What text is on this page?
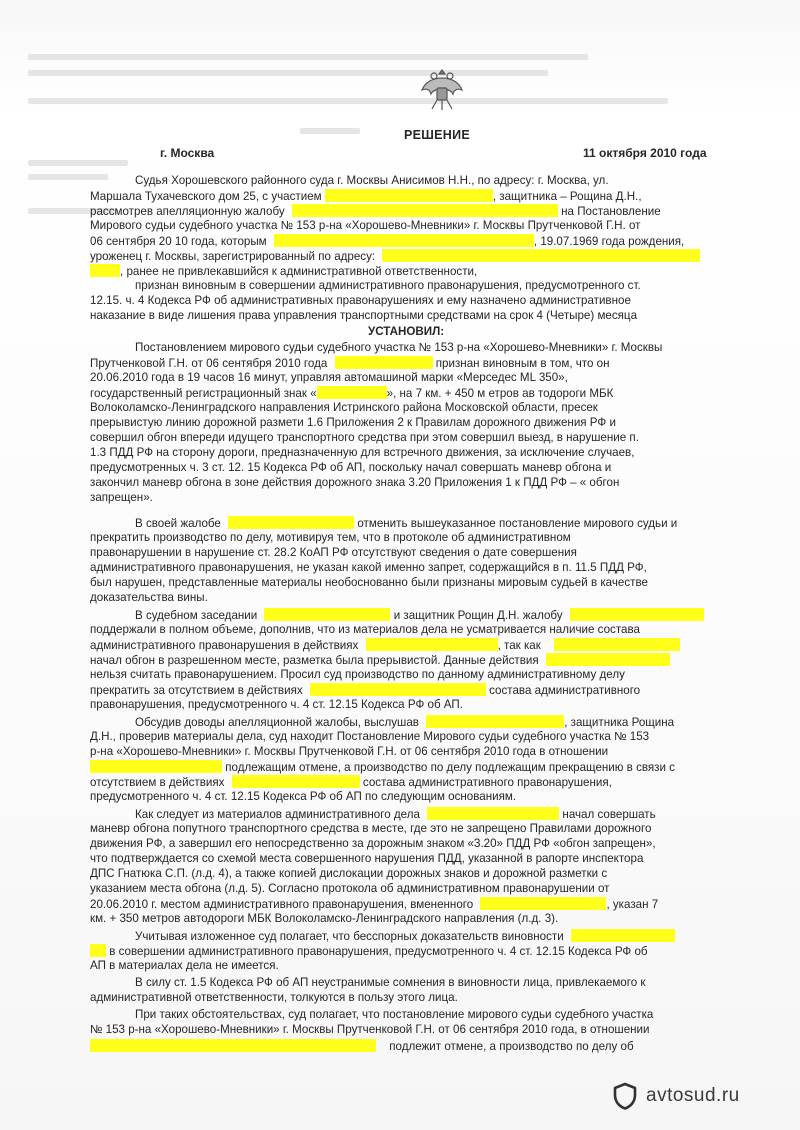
РЕШЕНИЕ
г. Москва	11 октября 2010 года
Судья Хорошевского районного суда г. Москвы Анисимов Н.Н., по адресу: г. Москва, ул.
Маршала Тухачевского дом 25, с участием	, защитника – Рощина Д.Н.,
рассмотрев апелляционную жалобу	на Постановление
Мирового судьи судебного участка № 153 р-на «Хорошево-Мневники» г. Москвы Прутченковой Г.Н. от
06 сентября 20 10 года, которым	, 19.07.1969 года рождения,
уроженец г. Москвы, зарегистрированный по адресу:
, ранее не привлекавшийся к административной ответственности,
признан виновным в совершении административного правонарушения, предусмотренного ст.
12.15. ч. 4 Кодекса РФ об административных правонарушениях и ему назначено административное
наказание в виде лишения права управления транспортными средствами на срок 4 (Четыре) месяца
УСТАНОВИЛ:
Постановлением мирового судьи судебного участка № 153 р-на «Хорошево-Мневники» г. Москвы
Прутченковой Г.Н. от 06 сентября 2010 года	признан виновным в том, что он
20.06.2010 года в 19 часов 16 минут, управляя автомашиной марки «Мерседес ML 350»,
государственный регистрационный знак «	», на 7 км. + 450 м етров ав тодороги МБК
Волоколамско-Ленинградского направления Истринского района Московской области, пресек
прерывистую линию дорожной размети 1.6 Приложения 2 к Правилам дорожного движения РФ и
совершил обгон впереди идущего транспортного средства при этом совершил выезд, в нарушение п.
1.3 ПДД РФ на сторону дороги, предназначенную для встречного движения, за исключение случаев,
предусмотренных ч. 3 ст. 12. 15 Кодекса РФ об АП, поскольку начал совершать маневр обгона и
закончил маневр обгона в зоне действия дорожного знака 3.20 Приложения 1 к ПДД РФ – « обгон
запрещен».
В своей жалобе	отменить вышеуказанное постановление мирового судьи и
прекратить производство по делу, мотивируя тем, что в протоколе об административном
правонарушении в нарушение ст. 28.2 КоАП РФ отсутствуют сведения о дате совершения
административного правонарушения, не указан какой именно запрет, содержащийся в п. 11.5 ПДД РФ,
был нарушен, представленные материалы необоснованно были признаны мировым судьей в качестве
доказательства вины.
В судебном заседании	и защитник Рощин Д.Н. жалобу
поддержали в полном объеме, дополнив, что из материалов дела не усматривается наличие состава
административного правонарушения в действиях	, так как
начал обгон в разрешенном месте, разметка была прерывистой. Данные действия
нельзя считать правонарушением. Просил суд производство по данному административному делу
прекратить за отсутствием в действиях	состава административного
правонарушения, предусмотренного ч. 4 ст. 12.15 Кодекса РФ об АП.
Обсудив доводы апелляционной жалобы, выслушав	, защитника Рощина
Д.Н., проверив материалы дела, суд находит Постановление Мирового судьи судебного участка № 153
р-на «Хорошево-Мневники» г. Москвы Прутченковой Г.Н. от 06 сентября 2010 года в отношении
подлежащим отмене, а производство по делу подлежащим прекращению в связи с
отсутствием в действиях	состава административного правонарушения,
предусмотренного ч. 4 ст. 12.15 Кодекса РФ об АП по следующим основаниям.
Как следует из материалов административного дела	начал совершать
маневр обгона попутного транспортного средства в месте, где это не запрещено Правилами дорожного
движения РФ, а завершил его непосредственно за дорожным знаком «3.20» ПДД РФ «обгон запрещен»,
что подтверждается со схемой места совершенного нарушения ПДД, указанной в рапорте инспектора
ДПС Гнатюка С.П. (л.д. 4), а также копией дислокации дорожных знаков и дорожной разметки с
указанием места обгона (л.д. 5). Согласно протокола об административном правонарушении от
20.06.2010 г. местом административного правонарушения, вмененного	, указан 7
км. + 350 метров автодороги МБК Волоколамско-Ленинградского направления (л.д. 3).
Учитывая изложенное суд полагает, что бесспорных доказательств виновности
в совершении административного правонарушения, предусмотренного ч. 4 ст. 12.15 Кодекса РФ об
АП в материалах дела не имеется.
В силу ст. 1.5 Кодекса РФ об АП неустранимые сомнения в виновности лица, привлекаемого к
административной ответственности, толкуются в пользу этого лица.
При таких обстоятельствах, суд полагает, что постановление мирового судьи судебного участка
№ 153 р-на «Хорошево-Мневники» г. Москвы Прутченковой Г.Н. от 06 сентября 2010 года, в отношении
подлежит отмене, а производство по делу об
avtosud.ru
